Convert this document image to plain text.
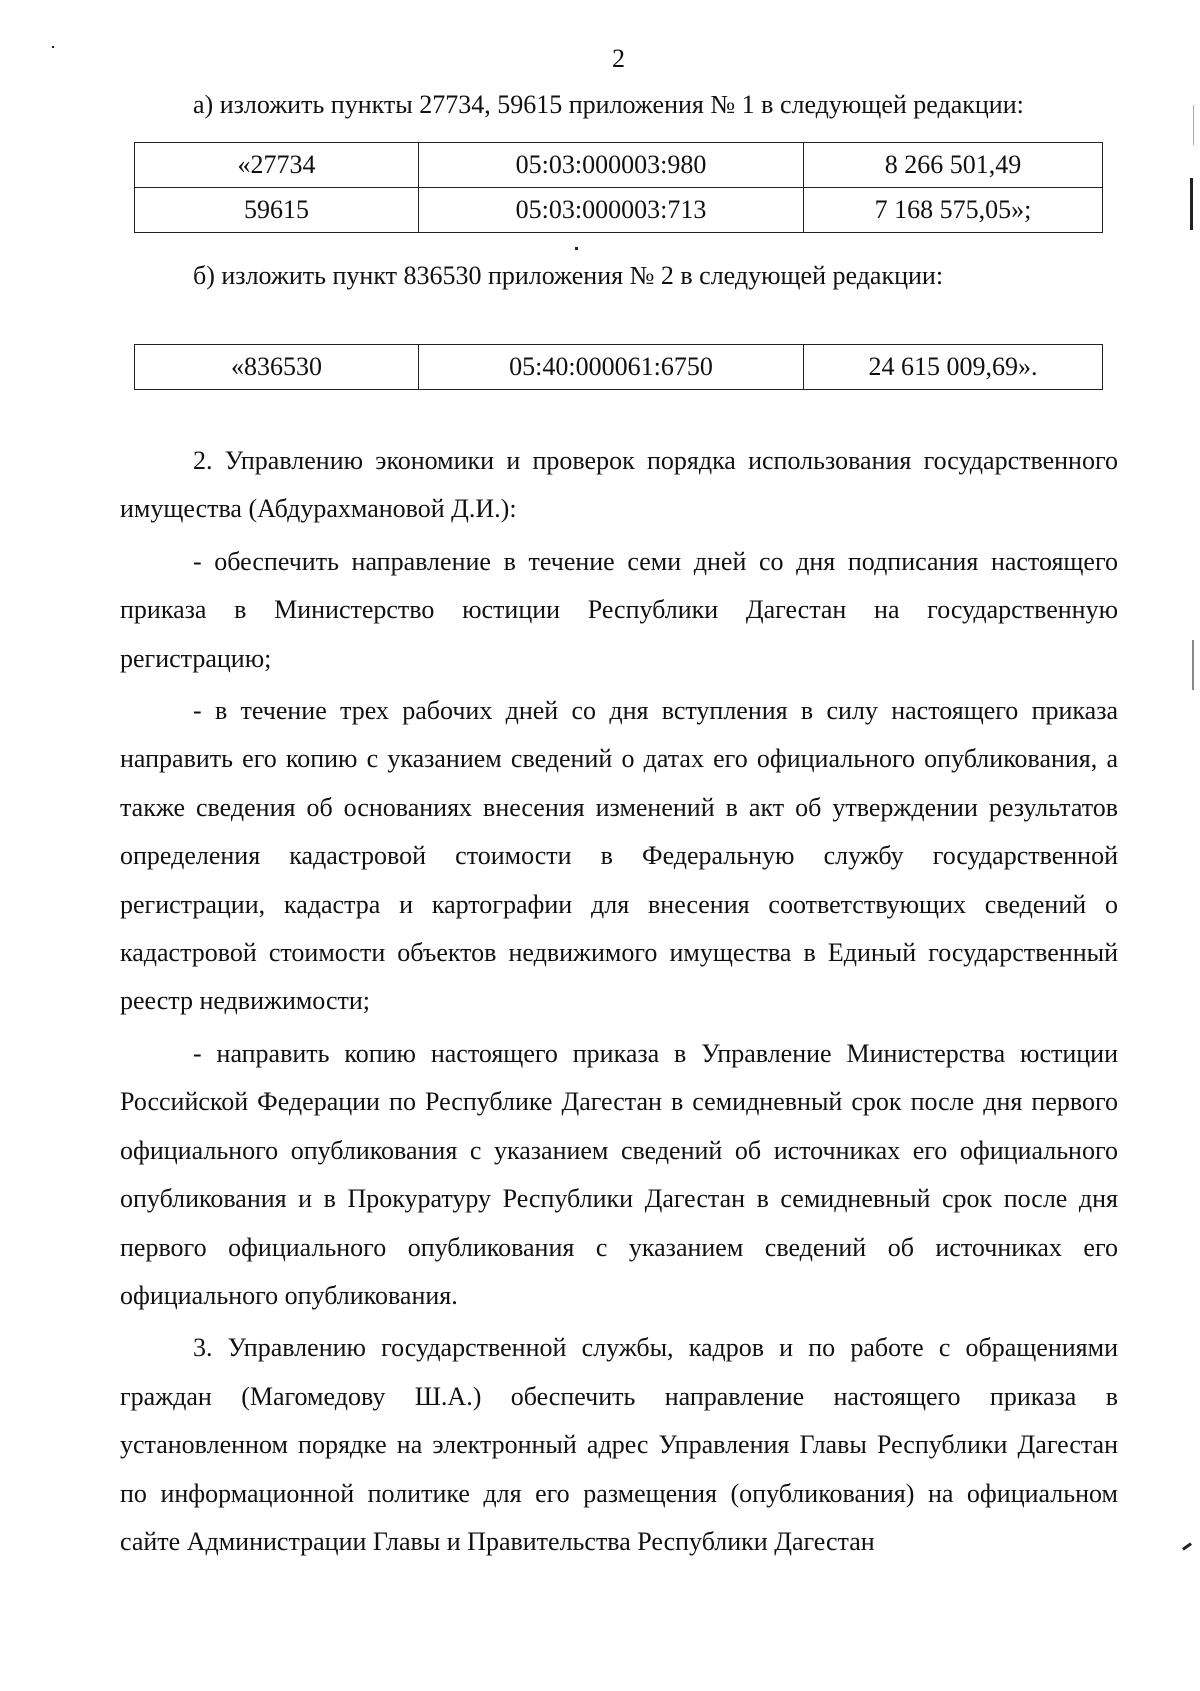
2
а) изложить пункты 27734, 59615 приложения № 1 в следующей редакции:
«27734	05:03:000003:980	8 266 501,49
59615	05:03:000003:713	7 168 575,05»;
б) изложить пункт 836530 приложения № 2 в следующей редакции:
«836530	05:40:000061:6750	24 615 009,69».

2. Управлению экономики и проверок порядка использования государственного имущества (Абдурахмановой Д.И.):

- обеспечить направление в течение семи дней со дня подписания настоящего приказа в Министерство юстиции Республики Дагестан на государственную регистрацию;

- в течение трех рабочих дней со дня вступления в силу настоящего приказа направить его копию с указанием сведений о датах его официального опубликования, а также сведения об основаниях внесения изменений в акт об утверждении результатов определения кадастровой стоимости в Федеральную службу государственной регистрации, кадастра и картографии для внесения соответствующих сведений о кадастровой стоимости объектов недвижимого имущества в Единый государственный реестр недвижимости;

- направить копию настоящего приказа в Управление Министерства юстиции Российской Федерации по Республике Дагестан в семидневный срок после дня первого официального опубликования с указанием сведений об источниках его официального опубликования и в Прокуратуру Республики Дагестан в семидневный срок после дня первого официального опубликования с указанием сведений об источниках его официального опубликования.

3. Управлению государственной службы, кадров и по работе с обращениями граждан (Магомедову Ш.А.) обеспечить направление настоящего приказа в установленном порядке на электронный адрес Управления Главы Республики Дагестан по информационной политике для его размещения (опубликования) на официальном сайте Администрации Главы и Правительства Республики Дагестан
